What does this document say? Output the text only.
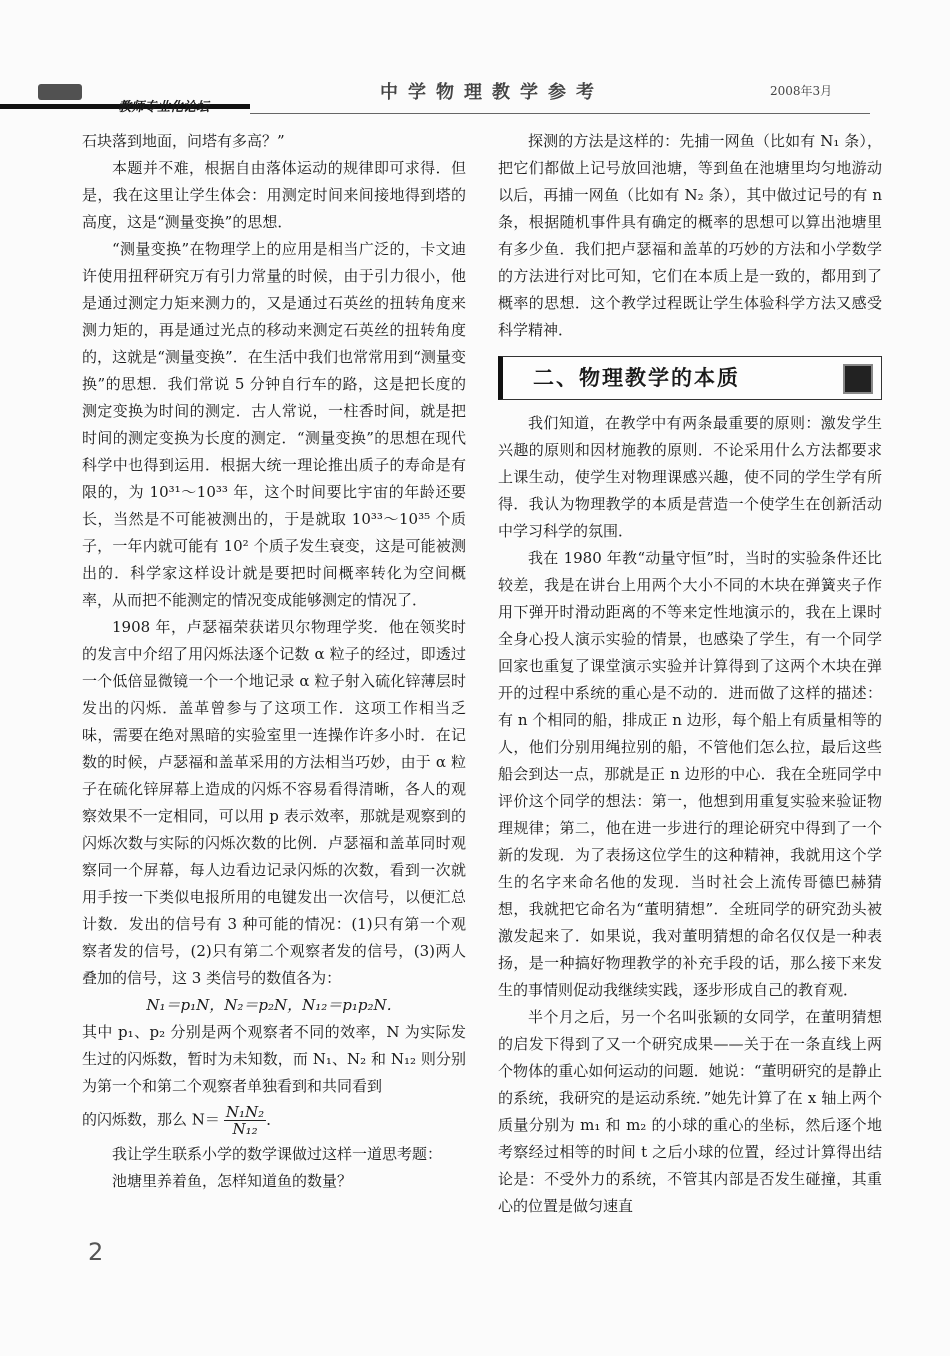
教师专业化论坛
中学物理教学参考	2008年3月

石块落到地面，问塔有多高？”

本题并不难，根据自由落体运动的规律即可求得．但是，我在这里让学生体会：用测定时间来间接地得到塔的高度，这是“测量变换”的思想．

“测量变换”在物理学上的应用是相当广泛的，卡文迪许使用扭秤研究万有引力常量的时候，由于引力很小，他是通过测定力矩来测力的，又是通过石英丝的扭转角度来测力矩的，再是通过光点的移动来测定石英丝的扭转角度的，这就是“测量变换”．在生活中我们也常常用到“测量变换”的思想．我们常说 5 分钟自行车的路，这是把长度的测定变换为时间的测定．古人常说，一柱香时间，就是把时间的测定变换为长度的测定．“测量变换”的思想在现代科学中也得到运用．根据大统一理论推出质子的寿命是有限的，为 10³¹～10³³ 年，这个时间要比宇宙的年龄还要长，当然是不可能被测出的，于是就取 10³³～10³⁵ 个质子，一年内就可能有 10² 个质子发生衰变，这是可能被测出的．科学家这样设计就是要把时间概率转化为空间概率，从而把不能测定的情况变成能够测定的情况了．

1908 年，卢瑟福荣获诺贝尔物理学奖．他在领奖时的发言中介绍了用闪烁法逐个记数 α 粒子的经过，即透过一个低倍显微镜一个一个地记录 α 粒子射入硫化锌薄层时发出的闪烁．盖革曾参与了这项工作．这项工作相当乏味，需要在绝对黑暗的实验室里一连操作许多小时．在记数的时候，卢瑟福和盖革采用的方法相当巧妙，由于 α 粒子在硫化锌屏幕上造成的闪烁不容易看得清晰，各人的观察效果不一定相同，可以用 p 表示效率，那就是观察到的闪烁次数与实际的闪烁次数的比例．卢瑟福和盖革同时观察同一个屏幕，每人边看边记录闪烁的次数，看到一次就用手按一下类似电报所用的电键发出一次信号，以便汇总计数．发出的信号有 3 种可能的情况：(1)只有第一个观察者发的信号，(2)只有第二个观察者发的信号，(3)两人叠加的信号，这 3 类信号的数值各为：

N₁＝p₁N，N₂＝p₂N，N₁₂＝p₁p₂N．

其中 p₁、p₂ 分别是两个观察者不同的效率，N 为实际发生过的闪烁数，暂时为未知数，而 N₁、N₂ 和 N₁₂ 则分别为第一个和第二个观察者单独看到和共同看到

的闪烁数，那么 $N= \frac{\text{N₁N₂}}{\text{N₁₂}}$ ．

我让学生联系小学的数学课做过这样一道思考题：

池塘里养着鱼，怎样知道鱼的数量？

探测的方法是这样的：先捕一网鱼（比如有 N₁ 条），把它们都做上记号放回池塘，等到鱼在池塘里均匀地游动以后，再捕一网鱼（比如有 N₂ 条），其中做过记号的有 n 条，根据随机事件具有确定的概率的思想可以算出池塘里有多少鱼．我们把卢瑟福和盖革的巧妙的方法和小学数学的方法进行对比可知，它们在本质上是一致的，都用到了概率的思想．这个教学过程既让学生体验科学方法又感受科学精神．

二、物理教学的本质

我们知道，在教学中有两条最重要的原则：激发学生兴趣的原则和因材施教的原则．不论采用什么方法都要求上课生动，使学生对物理课感兴趣，使不同的学生学有所得．我认为物理教学的本质是营造一个使学生在创新活动中学习科学的氛围．

我在 1980 年教“动量守恒”时，当时的实验条件还比较差，我是在讲台上用两个大小不同的木块在弹簧夹子作用下弹开时滑动距离的不等来定性地演示的，我在上课时全身心投人演示实验的情景，也感染了学生，有一个同学回家也重复了课堂演示实验并计算得到了这两个木块在弹开的过程中系统的重心是不动的．进而做了这样的描述：有 n 个相同的船，排成正 n 边形，每个船上有质量相等的人，他们分别用绳拉别的船，不管他们怎么拉，最后这些船会到达一点，那就是正 n 边形的中心．我在全班同学中评价这个同学的想法：第一，他想到用重复实验来验证物理规律；第二，他在进一步进行的理论研究中得到了一个新的发现．为了表扬这位学生的这种精神，我就用这个学生的名字来命名他的发现．当时社会上流传哥德巴赫猜想，我就把它命名为“董明猜想”．全班同学的研究劲头被激发起来了．如果说，我对董明猜想的命名仅仅是一种表扬，是一种搞好物理教学的补充手段的话，那么接下来发生的事情则促动我继续实践，逐步形成自己的教育观．

半个月之后，另一个名叫张颖的女同学，在董明猜想的启发下得到了又一个研究成果——关于在一条直线上两个物体的重心如何运动的问题．她说：“董明研究的是静止的系统，我研究的是运动系统．”她先计算了在 x 轴上两个质量分别为 m₁ 和 m₂ 的小球的重心的坐标，然后逐个地考察经过相等的时间 t 之后小球的位置，经过计算得出结论是：不受外力的系统，不管其内部是否发生碰撞，其重心的位置是做匀速直

2
